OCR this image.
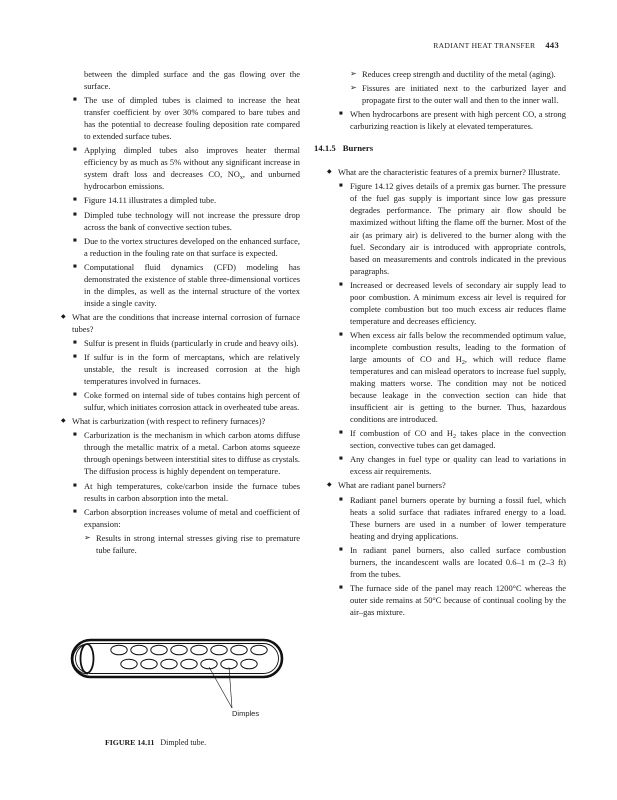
RADIANT HEAT TRANSFER 443

between the dimpled surface and the gas flowing over the surface.

■ The use of dimpled tubes is claimed to increase the heat transfer coefficient by over 30% compared to bare tubes and has the potential to decrease fouling deposition rate compared to extended surface tubes.

■ Applying dimpled tubes also improves heater thermal efficiency by as much as 5% without any significant increase in system draft loss and decreases CO, $NO_x$, and unburned hydrocarbon emissions.

■ Figure 14.11 illustrates a dimpled tube.

■ Dimpled tube technology will not increase the pressure drop across the bank of convective section tubes.

■ Due to the vortex structures developed on the enhanced surface, a reduction in the fouling rate on that surface is expected.

■ Computational fluid dynamics (CFD) modeling has demonstrated the existence of stable three-dimensional vortices in the dimples, as well as the internal structure of the vortex inside a single cavity.

◆ What are the conditions that increase internal corrosion of furnace tubes?

■ Sulfur is present in fluids (particularly in crude and heavy oils).

■ If sulfur is in the form of mercaptans, which are relatively unstable, the result is increased corrosion at the high temperatures involved in furnaces.

■ Coke formed on internal side of tubes contains high percent of sulfur, which initiates corrosion attack in overheated tube areas.

◆ What is carburization (with respect to refinery furnaces)?

■ Carburization is the mechanism in which carbon atoms diffuse through the metallic matrix of a metal. Carbon atoms squeeze through openings between interstitial sites to diffuse as crystals. The diffusion process is highly dependent on temperature.

■ At high temperatures, coke/carbon inside the furnace tubes results in carbon absorption into the metal.

■ Carbon absorption increases volume of metal and coefficient of expansion:

➢ Results in strong internal stresses giving rise to premature tube failure.

Dimples
FIGURE 14.11 Dimpled tube.

➢ Reduces creep strength and ductility of the metal (aging).

➢ Fissures are initiated next to the carburized layer and propagate first to the outer wall and then to the inner wall.

■ When hydrocarbons are present with high percent CO, a strong carburizing reaction is likely at elevated temperatures.

14.1.5 Burners

◆ What are the characteristic features of a premix burner? Illustrate.

■ Figure 14.12 gives details of a premix gas burner. The pressure of the fuel gas supply is important since low gas pressure degrades performance. The primary air flow should be maximized without lifting the flame off the burner. Most of the air (as primary air) is delivered to the burner along with the fuel. Secondary air is introduced with appropriate controls, based on measurements and controls indicated in the previous paragraphs.

■ Increased or decreased levels of secondary air supply lead to poor combustion. A minimum excess air level is required for complete combustion but too much excess air reduces flame temperature and decreases efficiency.

■ When excess air falls below the recommended optimum value, incomplete combustion results, leading to the formation of large amounts of CO and $H_2$, which will reduce flame temperatures and can mislead operators to increase fuel supply, making matters worse. The condition may not be noticed because leakage in the convection section can hide that insufficient air is getting to the burner. Thus, hazardous conditions are introduced.

■ If combustion of CO and $H_2$ takes place in the convection section, convective tubes can get damaged.

■ Any changes in fuel type or quality can lead to variations in excess air requirements.

◆ What are radiant panel burners?

■ Radiant panel burners operate by burning a fossil fuel, which heats a solid surface that radiates infrared energy to a load. These burners are used in a number of lower temperature heating and drying applications.

■ In radiant panel burners, also called surface combustion burners, the incandescent walls are located 0.6–1 m (2–3 ft) from the tubes.

■ The furnace side of the panel may reach 1200°C whereas the outer side remains at 50°C because of continual cooling by the air–gas mixture.
